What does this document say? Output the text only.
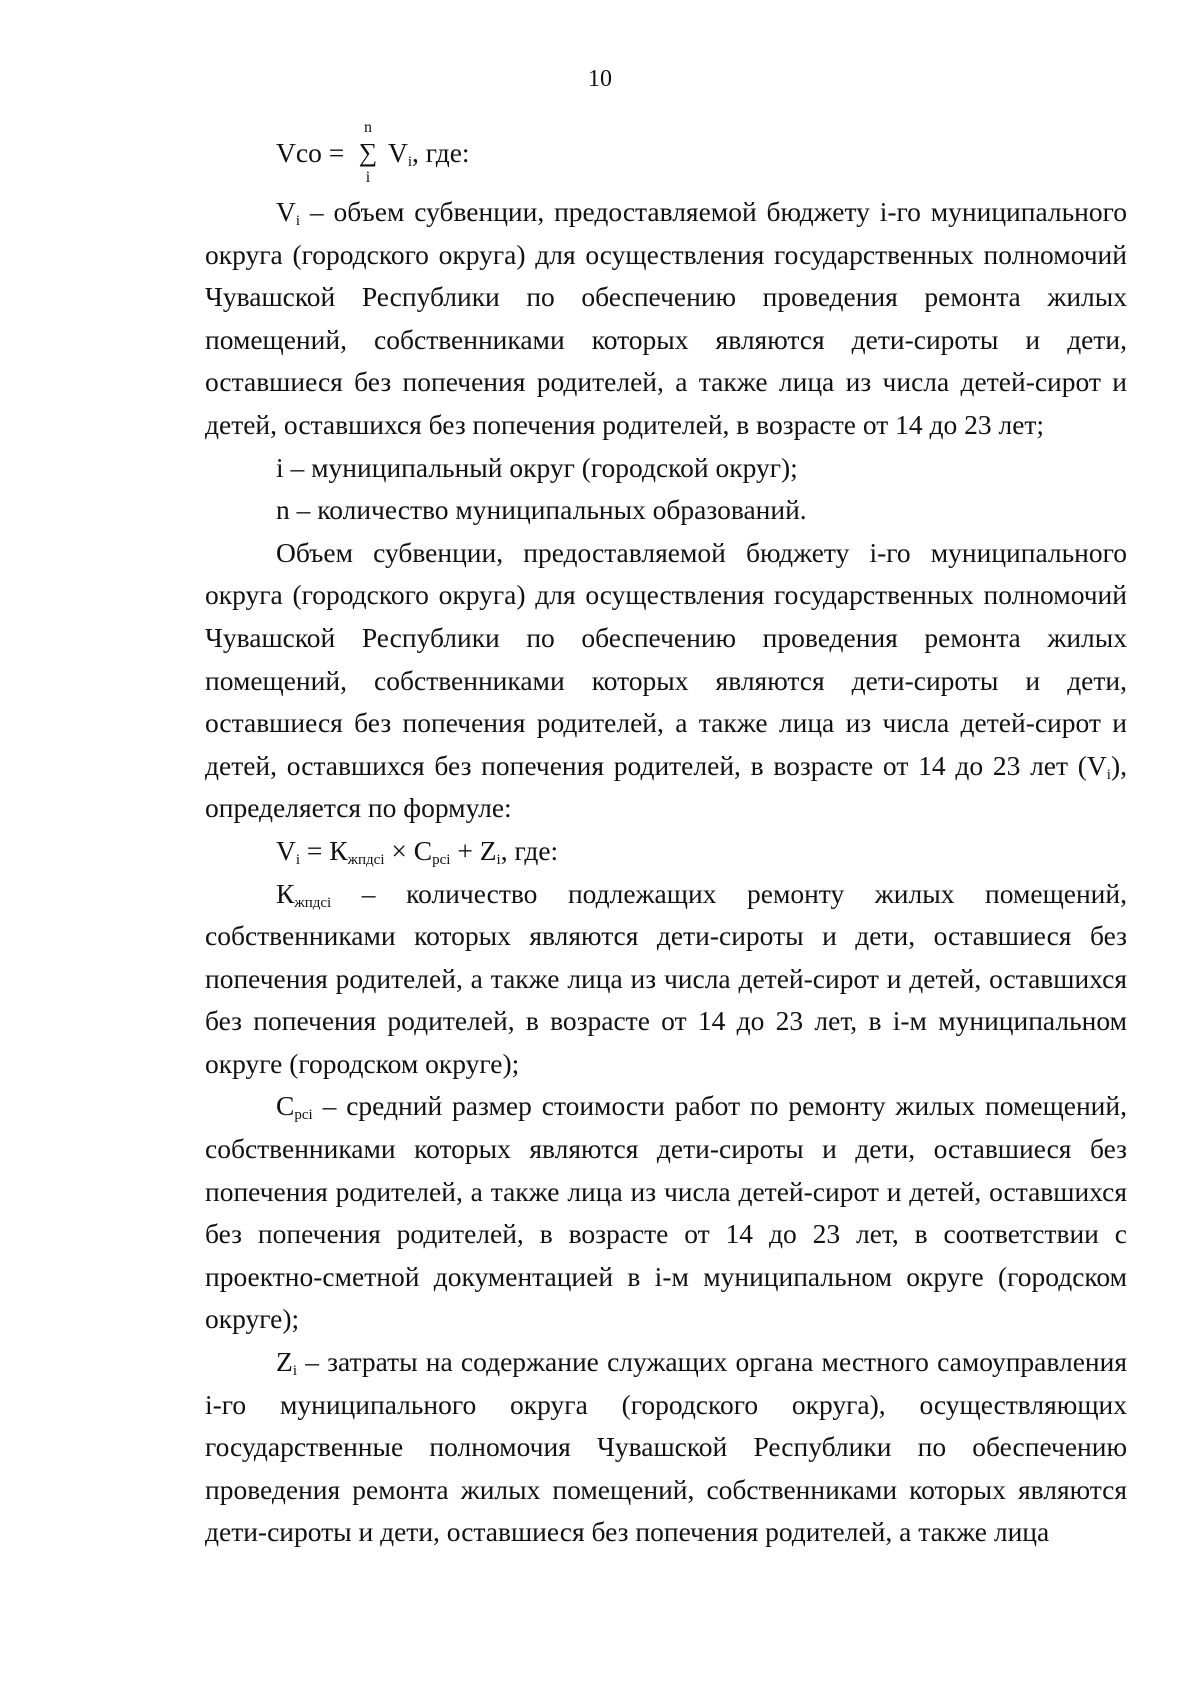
10
Vco =
n
∑
i
$V_i$, где:

$V_i$ – объем субвенции, предоставляемой бюджету i-го муниципального округа (городского округа) для осуществления государственных полномочий Чувашской Республики по обеспечению проведения ремонта жилых помещений, собственниками которых являются дети-сироты и дети, оставшиеся без попечения родителей, а также лица из числа детей-сирот и детей, оставшихся без попечения родителей, в возрасте от 14 до 23 лет;

i – муниципальный округ (городской округ);

n – количество муниципальных образований.

Объем субвенции, предоставляемой бюджету i-го муниципального округа (городского округа) для осуществления государственных полномочий Чувашской Республики по обеспечению проведения ремонта жилых помещений, собственниками которых являются дети-сироты и дети, оставшиеся без попечения родителей, а также лица из числа детей-сирот и детей, оставшихся без попечения родителей, в возрасте от 14 до 23 лет $(V_i)$, определяется по формуле:

$V_i = К_{жпдсi} \times С_{рсi} + Z_i$, где:

$К_{жпдсi}$ – количество подлежащих ремонту жилых помещений, собственниками которых являются дети-сироты и дети, оставшиеся без попечения родителей, а также лица из числа детей-сирот и детей, оставшихся без попечения родителей, в возрасте от 14 до 23 лет, в i-м муниципальном округе (городском округе);

$С_{рсi}$ – средний размер стоимости работ по ремонту жилых помещений, собственниками которых являются дети-сироты и дети, оставшиеся без попечения родителей, а также лица из числа детей-сирот и детей, оставшихся без попечения родителей, в возрасте от 14 до 23 лет, в соответствии с проектно-сметной документацией в i-м муниципальном округе (городском округе);

$Z_i$ – затраты на содержание служащих органа местного самоуправления i-го муниципального округа (городского округа), осуществляющих государственные полномочия Чувашской Республики по обеспечению проведения ремонта жилых помещений, собственниками которых являются дети-сироты и дети, оставшиеся без попечения родителей, а также лица
